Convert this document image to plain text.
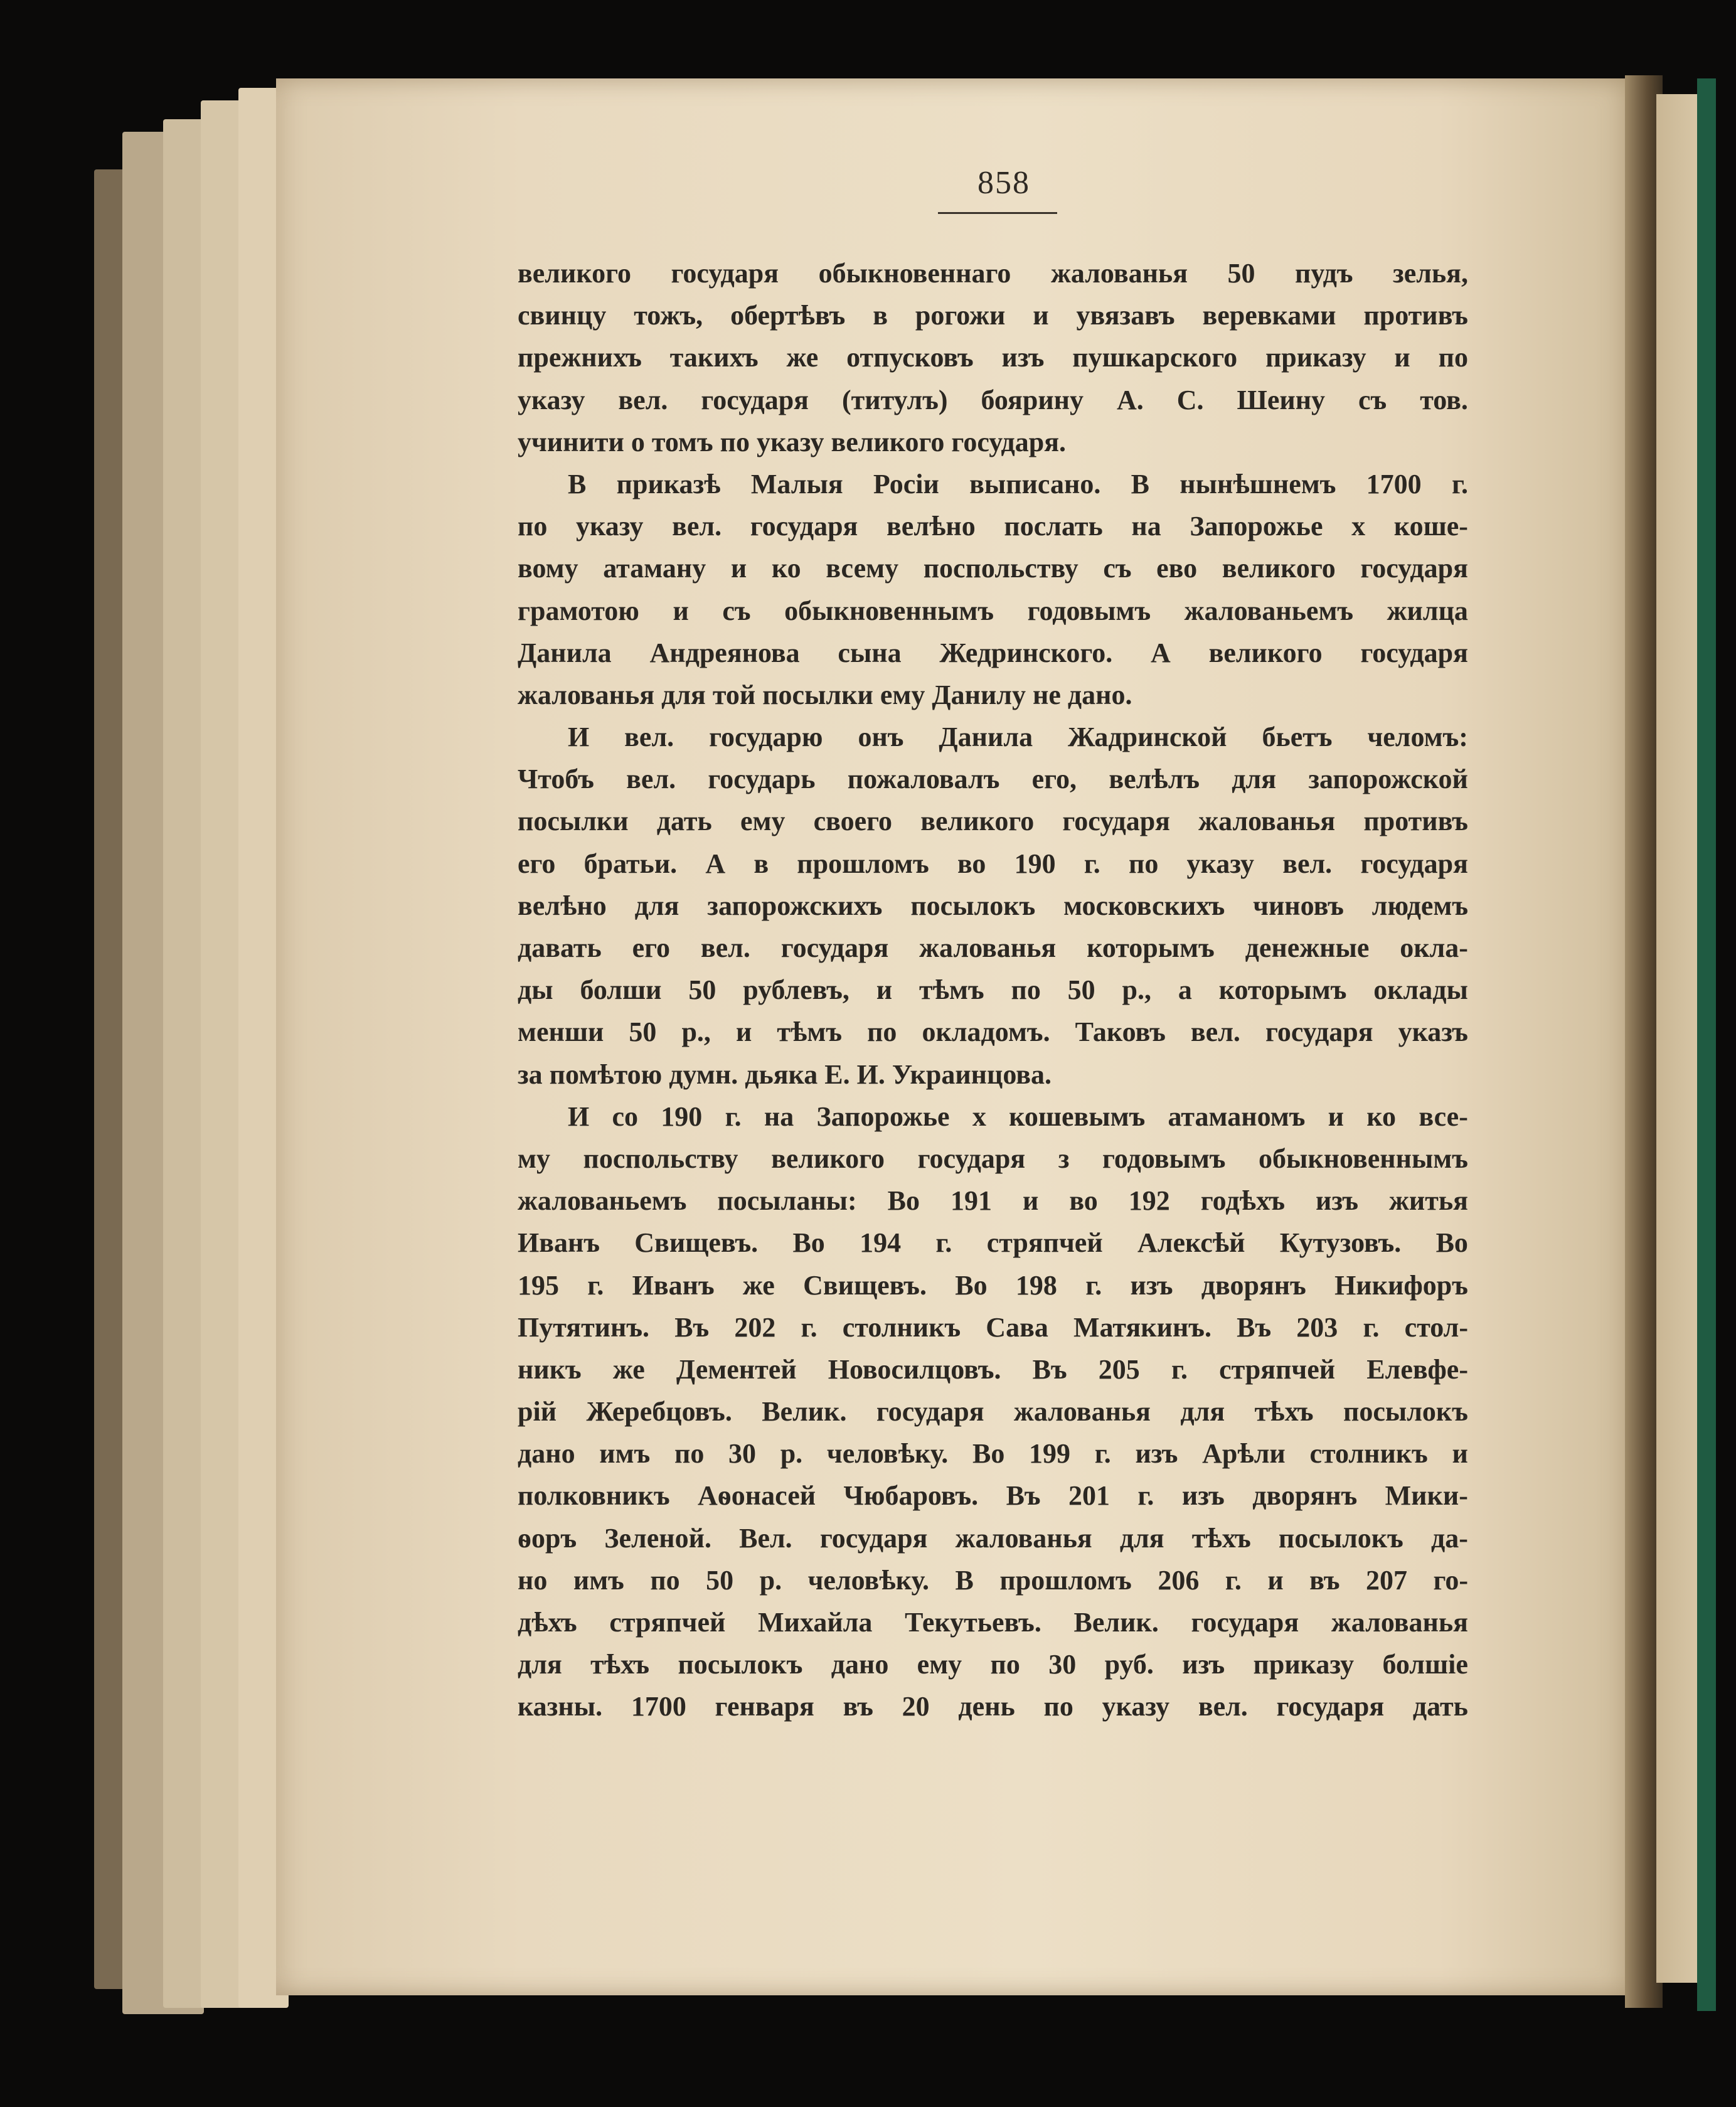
858
великого государя обыкновеннаго жалованья 50 пудъ зелья,
свинцу тожъ, обертѣвъ в рогожи и увязавъ веревками противъ
прежнихъ такихъ же отпусковъ изъ пушкарского приказу и по
указу вел. государя (титулъ) боярину А. С. Шеину съ тов.
учинити о томъ по указу великого государя.
В приказѣ Малыя Росіи выписано. В нынѣшнемъ 1700 г.
по указу вел. государя велѣно послать на Запорожье х коше-
вому атаману и ко всему поспольству съ ево великого государя
грамотою и съ обыкновеннымъ годовымъ жалованьемъ жилца
Данила Андреянова сына Жедринского. А великого государя
жалованья для той посылки ему Данилу не дано.
И вел. государю онъ Данила Жадринской бьетъ челомъ:
Чтобъ вел. государь пожаловалъ его, велѣлъ для запорожской
посылки дать ему своего великого государя жалованья противъ
его братьи. А в прошломъ во 190 г. по указу вел. государя
велѣно для запорожскихъ посылокъ московскихъ чиновъ людемъ
давать его вел. государя жалованья которымъ денежные окла-
ды болши 50 рублевъ, и тѣмъ по 50 р., а которымъ оклады
менши 50 р., и тѣмъ по окладомъ. Таковъ вел. государя указъ
за помѣтою думн. дьяка Е. И. Украинцова.
И со 190 г. на Запорожье х кошевымъ атаманомъ и ко все-
му поспольству великого государя з годовымъ обыкновеннымъ
жалованьемъ посыланы: Во 191 и во 192 годѣхъ изъ житья
Иванъ Свищевъ. Во 194 г. стряпчей Алексѣй Кутузовъ. Во
195 г. Иванъ же Свищевъ. Во 198 г. изъ дворянъ Никифоръ
Путятинъ. Въ 202 г. столникъ Сава Матякинъ. Въ 203 г. стол-
никъ же Дементей Новосилцовъ. Въ 205 г. стряпчей Елевфе-
рій Жеребцовъ. Велик. государя жалованья для тѣхъ посылокъ
дано имъ по 30 р. человѣку. Во 199 г. изъ Арѣли столникъ и
полковникъ Аѳонасей Чюбаровъ. Въ 201 г. изъ дворянъ Мики-
ѳоръ Зеленой. Вел. государя жалованья для тѣхъ посылокъ да-
но имъ по 50 р. человѣку. В прошломъ 206 г. и въ 207 го-
дѣхъ стряпчей Михайла Текутьевъ. Велик. государя жалованья
для тѣхъ посылокъ дано ему по 30 руб. изъ приказу болшіе
казны. 1700 генваря въ 20 день по указу вел. государя дать
